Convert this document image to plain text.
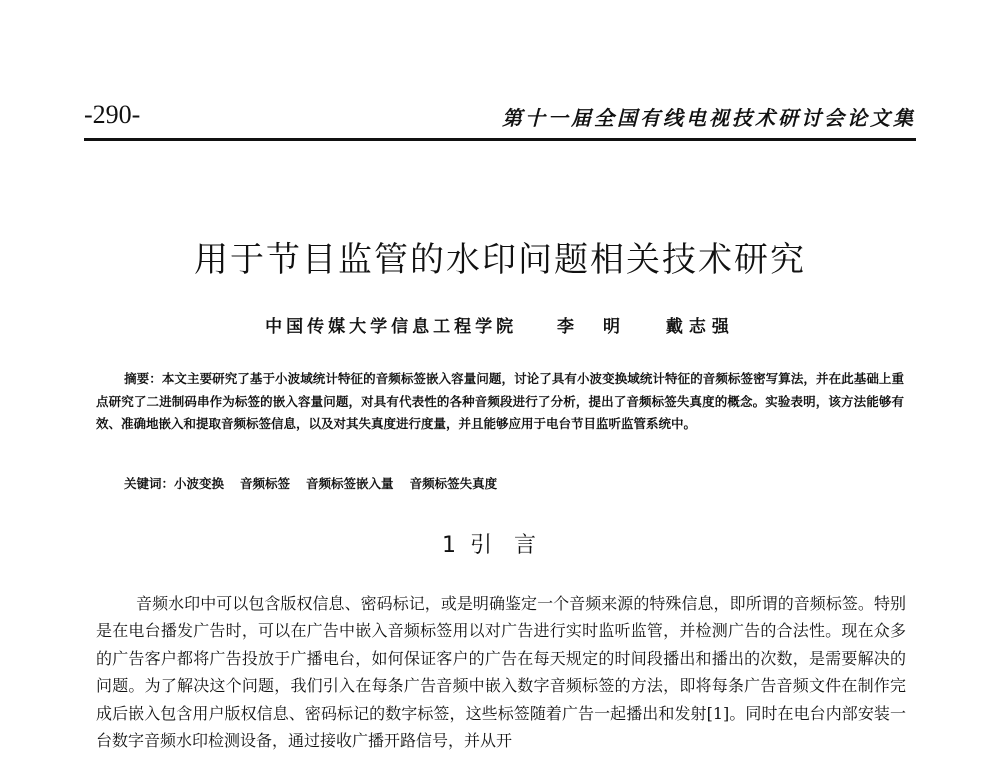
-290-	第十一届全国有线电视技术研讨会论文集
用于节目监管的水印问题相关技术研究
中国传媒大学信息工程学院 李　明 戴志强
摘要：本文主要研究了基于小波域统计特征的音频标签嵌入容量问题，讨论了具有小波变换域统计特征的音频标签密写算法，并在此基础上重点研究了二进制码串作为标签的嵌入容量问题，对具有代表性的各种音频段进行了分析，提出了音频标签失真度的概念。实验表明，该方法能够有效、准确地嵌入和提取音频标签信息，以及对其失真度进行度量，并且能够应用于电台节目监听监管系统中。
关键词：小波变换 音频标签 音频标签嵌入量 音频标签失真度
1 引言
音频水印中可以包含版权信息、密码标记，或是明确鉴定一个音频来源的特殊信息，即所谓的音频标签。特别是在电台播发广告时，可以在广告中嵌入音频标签用以对广告进行实时监听监管，并检测广告的合法性。现在众多的广告客户都将广告投放于广播电台，如何保证客户的广告在每天规定的时间段播出和播出的次数，是需要解决的问题。为了解决这个问题，我们引入在每条广告音频中嵌入数字音频标签的方法，即将每条广告音频文件在制作完成后嵌入包含用户版权信息、密码标记的数字标签，这些标签随着广告一起播出和发射[1]。同时在电台内部安装一台数字音频水印检测设备，通过接收广播开路信号，并从开
